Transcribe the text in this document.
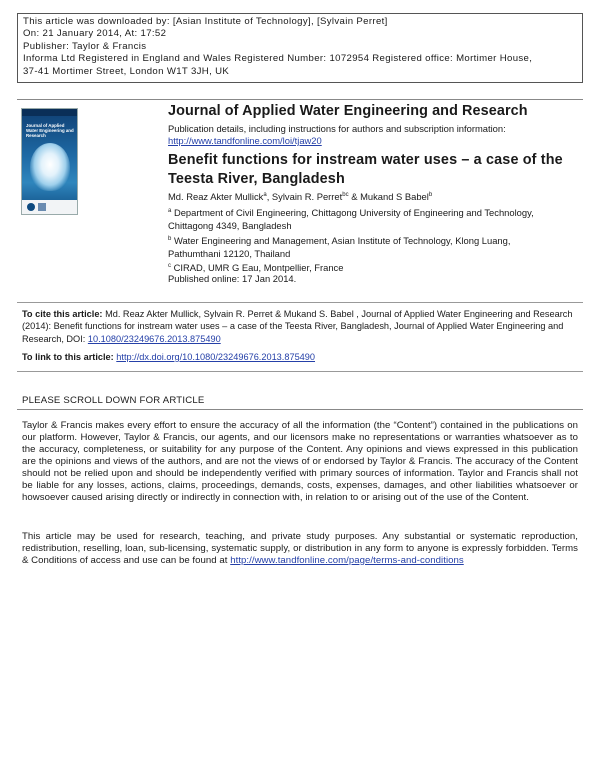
This article was downloaded by: [Asian Institute of Technology], [Sylvain Perret]
On: 21 January 2014, At: 17:52
Publisher: Taylor & Francis
Informa Ltd Registered in England and Wales Registered Number: 1072954 Registered office: Mortimer House,
37-41 Mortimer Street, London W1T 3JH, UK
Journal of Applied Water Engineering and Research
Journal of Applied Water Engineering and Research
Publication details, including instructions for authors and subscription information:
http://www.tandfonline.com/loi/tjaw20
Benefit functions for instream water uses – a case of the Teesta River, Bangladesh
Md. Reaz Akter Mullick$^a$, Sylvain R. Perret$^{bc}$ & Mukand S Babel$^b$
$^a$ Department of Civil Engineering, Chittagong University of Engineering and Technology,
Chittagong 4349, Bangladesh
$^b$ Water Engineering and Management, Asian Institute of Technology, Klong Luang,
Pathumthani 12120, Thailand
$^c$ CIRAD, UMR G Eau, Montpellier, France
Published online: 17 Jan 2014.
To cite this article: Md. Reaz Akter Mullick, Sylvain R. Perret & Mukand S. Babel , Journal of Applied Water Engineering and Research (2014): Benefit functions for instream water uses – a case of the Teesta River, Bangladesh, Journal of Applied Water Engineering and Research, DOI: 10.1080/23249676.2013.875490
To link to this article: http://dx.doi.org/10.1080/23249676.2013.875490
PLEASE SCROLL DOWN FOR ARTICLE
Taylor & Francis makes every effort to ensure the accuracy of all the information (the “Content”) contained in the publications on our platform. However, Taylor & Francis, our agents, and our licensors make no representations or warranties whatsoever as to the accuracy, completeness, or suitability for any purpose of the Content. Any opinions and views expressed in this publication are the opinions and views of the authors, and are not the views of or endorsed by Taylor & Francis. The accuracy of the Content should not be relied upon and should be independently verified with primary sources of information. Taylor and Francis shall not be liable for any losses, actions, claims, proceedings, demands, costs, expenses, damages, and other liabilities whatsoever or howsoever caused arising directly or indirectly in connection with, in relation to or arising out of the use of the Content.
This article may be used for research, teaching, and private study purposes. Any substantial or systematic reproduction, redistribution, reselling, loan, sub-licensing, systematic supply, or distribution in any form to anyone is expressly forbidden. Terms & Conditions of access and use can be found at http://www.tandfonline.com/page/terms-and-conditions
